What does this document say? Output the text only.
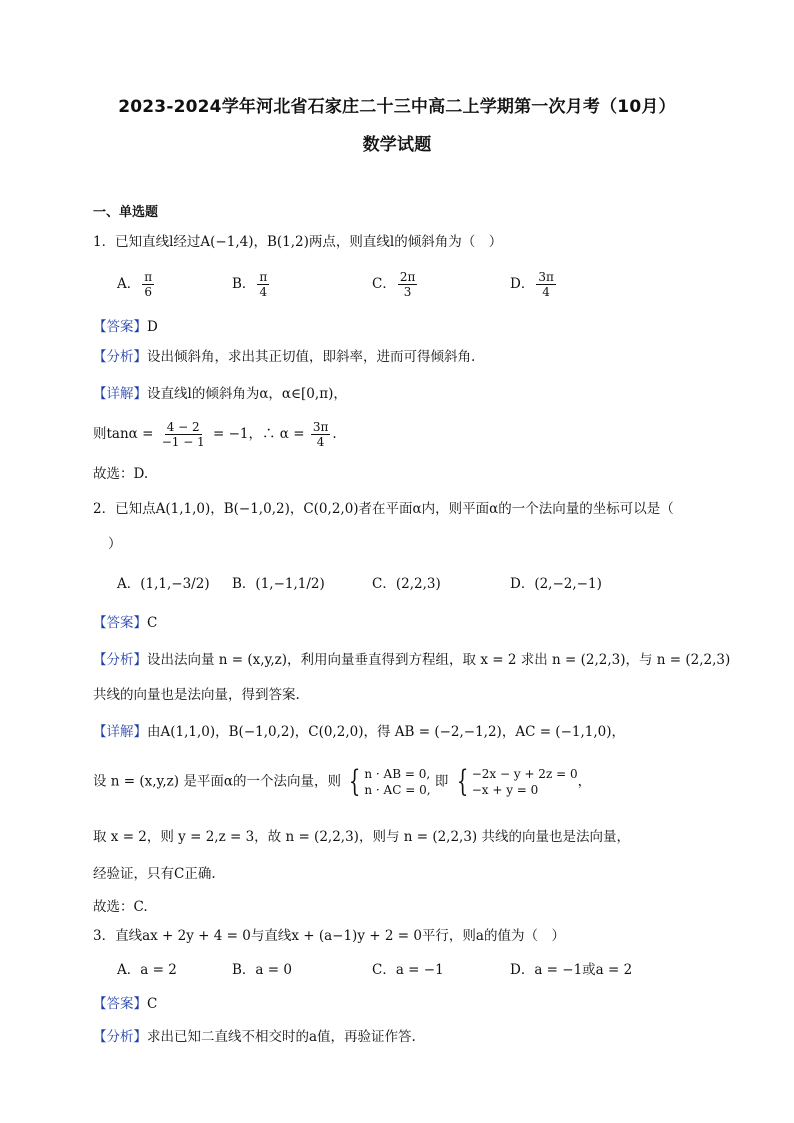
2023-2024学年河北省石家庄二十三中高二上学期第一次月考（10月）
数学试题
一、单选题
1．已知直线l经过A(−1,4)，B(1,2)两点，则直线l的倾斜角为（　）
A． $\frac{\pi}{6}$	B． $\frac{\pi}{4}$	C． $\frac{2\pi}{3}$	D． $\frac{3\pi}{4}$
【答案】D
【分析】设出倾斜角，求出其正切值，即斜率，进而可得倾斜角.
【详解】设直线l的倾斜角为α，α∈[0,π)，
则$\tan\alpha = \frac{4 - 2}{-1 - 1} = -1$，∴ $\alpha = \frac{3\pi}{4}$ .
故选：D.
2．已知点A(1,1,0)，B(−1,0,2)，C(0,2,0)者在平面α内，则平面α的一个法向量的坐标可以是（
）
A．(1,1,−3/2) B．(1,−1,1/2)	C．(2,2,3)	D．(2,−2,−1)
【答案】C
【分析】设出法向量 n = (x,y,z)，利用向量垂直得到方程组，取 x = 2 求出 n = (2,2,3)，与 n = (2,2,3)
共线的向量也是法向量，得到答案.
【详解】由A(1,1,0)，B(−1,0,2)，C(0,2,0)，得 AB = (−2,−1,2)，AC = (−1,1,0)，
设 n = (x,y,z) 是平面α的一个法向量，则 { n · AB = 0,
n · AC = 0,
即 { −2x − y + 2z = 0
−x + y = 0
，
取 x = 2，则 y = 2,z = 3，故 n = (2,2,3)，则与 n = (2,2,3) 共线的向量也是法向量，
经验证，只有C正确.
故选：C.
3．直线ax + 2y + 4 = 0与直线x + (a−1)y + 2 = 0平行，则a的值为（　）
A．a = 2	B．a = 0	C．a = −1	D．a = −1或a = 2
【答案】C
【分析】求出已知二直线不相交时的a值，再验证作答.
